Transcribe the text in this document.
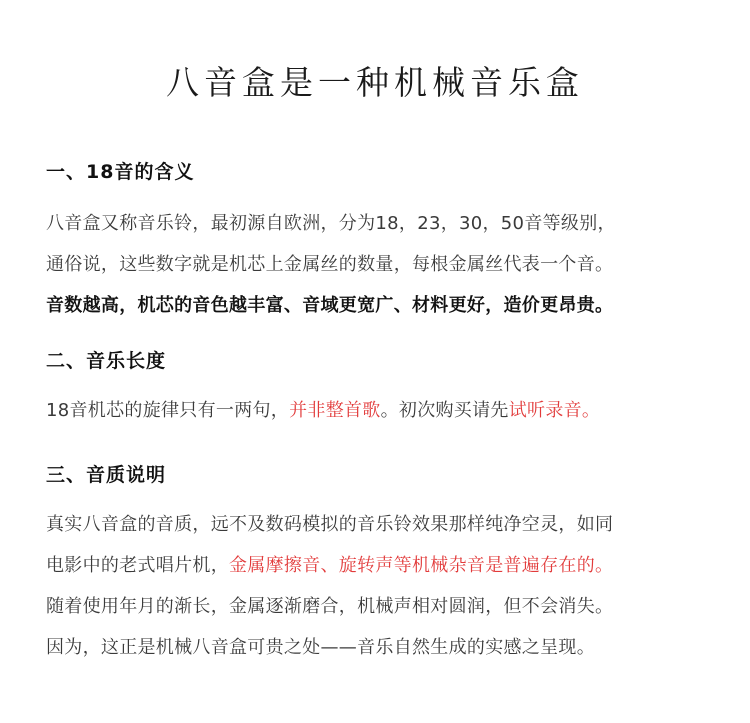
八音盒是一种机械音乐盒
一、18音的含义
八音盒又称音乐铃，最初源自欧洲，分为18，23，30，50音等级别，
通俗说，这些数字就是机芯上金属丝的数量，每根金属丝代表一个音。
音数越高，机芯的音色越丰富、音域更宽广、材料更好，造价更昂贵。
二、音乐长度
18音机芯的旋律只有一两句，并非整首歌。初次购买请先试听录音。
三、音质说明
真实八音盒的音质，远不及数码模拟的音乐铃效果那样纯净空灵，如同
电影中的老式唱片机，金属摩擦音、旋转声等机械杂音是普遍存在的。
随着使用年月的渐长，金属逐渐磨合，机械声相对圆润，但不会消失。
因为，这正是机械八音盒可贵之处——音乐自然生成的实感之呈现。
